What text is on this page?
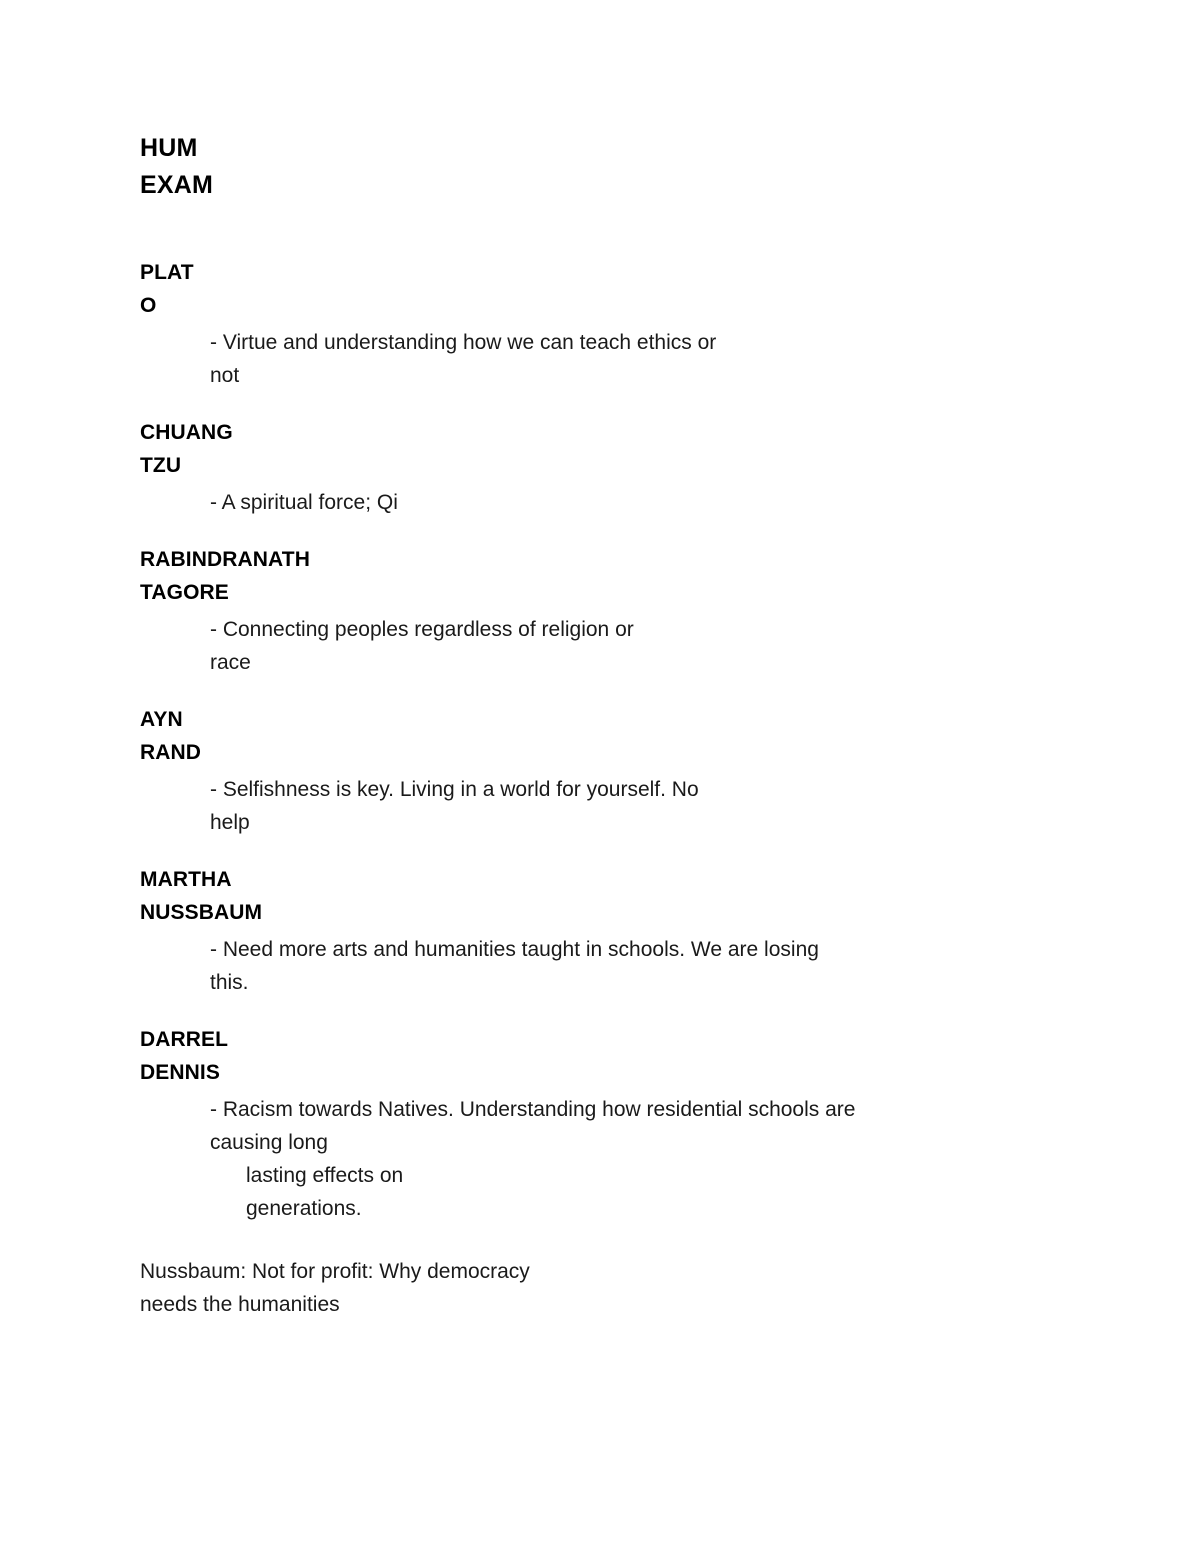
HUM
EXAM
PLAT
O
- Virtue and understanding how we can teach ethics or
not
CHUANG
TZU
- A spiritual force; Qi
RABINDRANATH
TAGORE
- Connecting peoples regardless of religion or
race
AYN
RAND
- Selfishness is key. Living in a world for yourself. No
help
MARTHA
NUSSBAUM
- Need more arts and humanities taught in schools. We are losing
this.
DARREL
DENNIS
- Racism towards Natives. Understanding how residential schools are
causing long
lasting effects on
generations.
Nussbaum: Not for profit: Why democracy
needs the humanities
